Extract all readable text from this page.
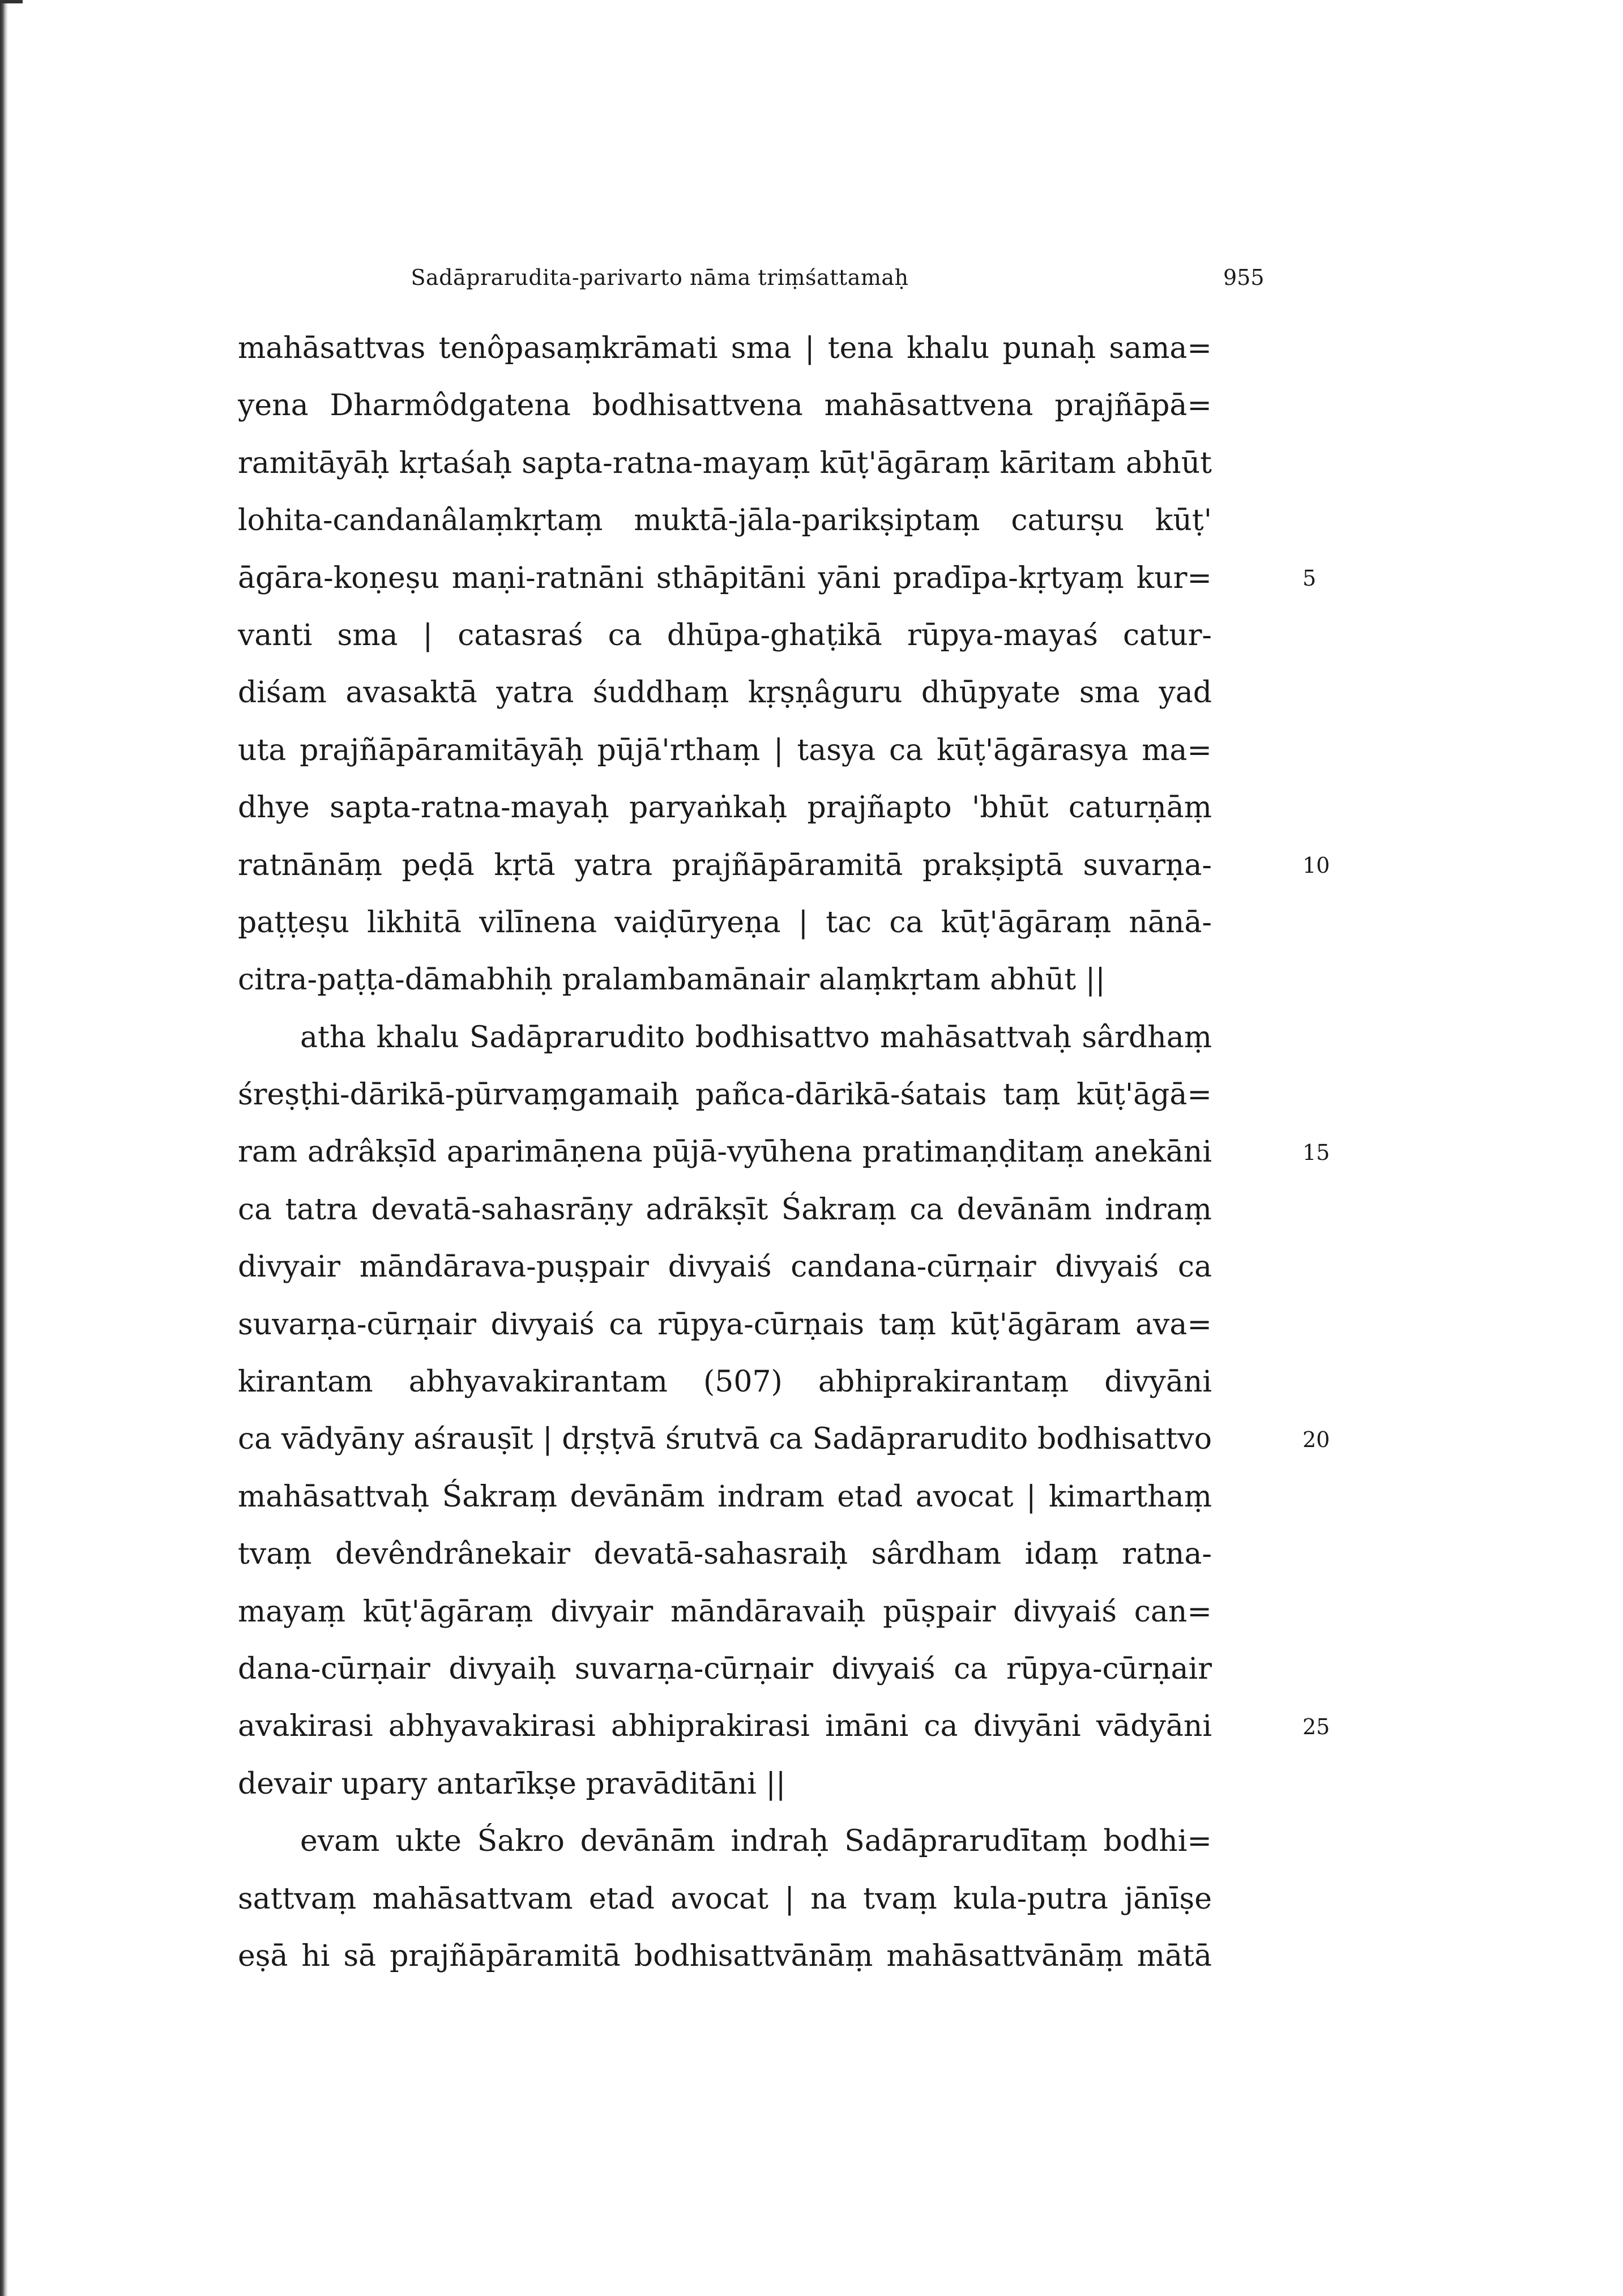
Sadāprarudita-parivarto nāma triṃśattamaḥ	955
mahāsattvas tenôpasaṃkrāmati sma | tena khalu punaḥ sama=
yena Dharmôdgatena bodhisattvena mahāsattvena prajñāpā=
ramitāyāḥ kṛtaśaḥ sapta-ratna-mayaṃ kūṭ'āgāraṃ kāritam abhūt
lohita-candanâlaṃkṛtaṃ muktā-jāla-parikṣiptaṃ caturṣu kūṭ'
āgāra-koṇeṣu maṇi-ratnāni sthāpitāni yāni pradīpa-kṛtyaṃ kur=
vanti sma | catasraś ca dhūpa-ghaṭikā rūpya-mayaś catur-
diśam avasaktā yatra śuddhaṃ kṛṣṇâguru dhūpyate sma yad
uta prajñāpāramitāyāḥ pūjā'rthaṃ | tasya ca kūṭ'āgārasya ma=
dhye sapta-ratna-mayaḥ paryaṅkaḥ prajñapto 'bhūt caturṇāṃ
ratnānāṃ peḍā kṛtā yatra prajñāpāramitā prakṣiptā suvarṇa-
paṭṭeṣu likhitā vilīnena vaiḍūryeṇa | tac ca kūṭ'āgāraṃ nānā-
citra-paṭṭa-dāmabhiḥ pralambamānair alaṃkṛtam abhūt ||
atha khalu Sadāprarudito bodhisattvo mahāsattvaḥ sârdhaṃ
śreṣṭhi-dārikā-pūrvaṃgamaiḥ pañca-dārikā-śatais taṃ kūṭ'āgā=
ram adrâkṣīd aparimāṇena pūjā-vyūhena pratimaṇḍitaṃ anekāni
ca tatra devatā-sahasrāṇy adrākṣīt Śakraṃ ca devānām indraṃ
divyair māndārava-puṣpair divyaiś candana-cūrṇair divyaiś ca
suvarṇa-cūrṇair divyaiś ca rūpya-cūrṇais taṃ kūṭ'āgāram ava=
kirantam abhyavakirantam (507) abhiprakirantaṃ divyāni
ca vādyāny aśrauṣīt | dṛṣṭvā śrutvā ca Sadāprarudito bodhisattvo
mahāsattvaḥ Śakraṃ devānām indram etad avocat | kimarthaṃ
tvaṃ devêndrânekair devatā-sahasraiḥ sârdham idaṃ ratna-
mayaṃ kūṭ'āgāraṃ divyair māndāravaiḥ pūṣpair divyaiś can=
dana-cūrṇair divyaiḥ suvarṇa-cūrṇair divyaiś ca rūpya-cūrṇair
avakirasi abhyavakirasi abhiprakirasi imāni ca divyāni vādyāni
devair upary antarīkṣe pravāditāni ||
evam ukte Śakro devānām indraḥ Sadāprarudītaṃ bodhi=
sattvaṃ mahāsattvam etad avocat | na tvaṃ kula-putra jānīṣe
eṣā hi sā prajñāpāramitā bodhisattvānāṃ mahāsattvānāṃ mātā
5
10
15
20
25
